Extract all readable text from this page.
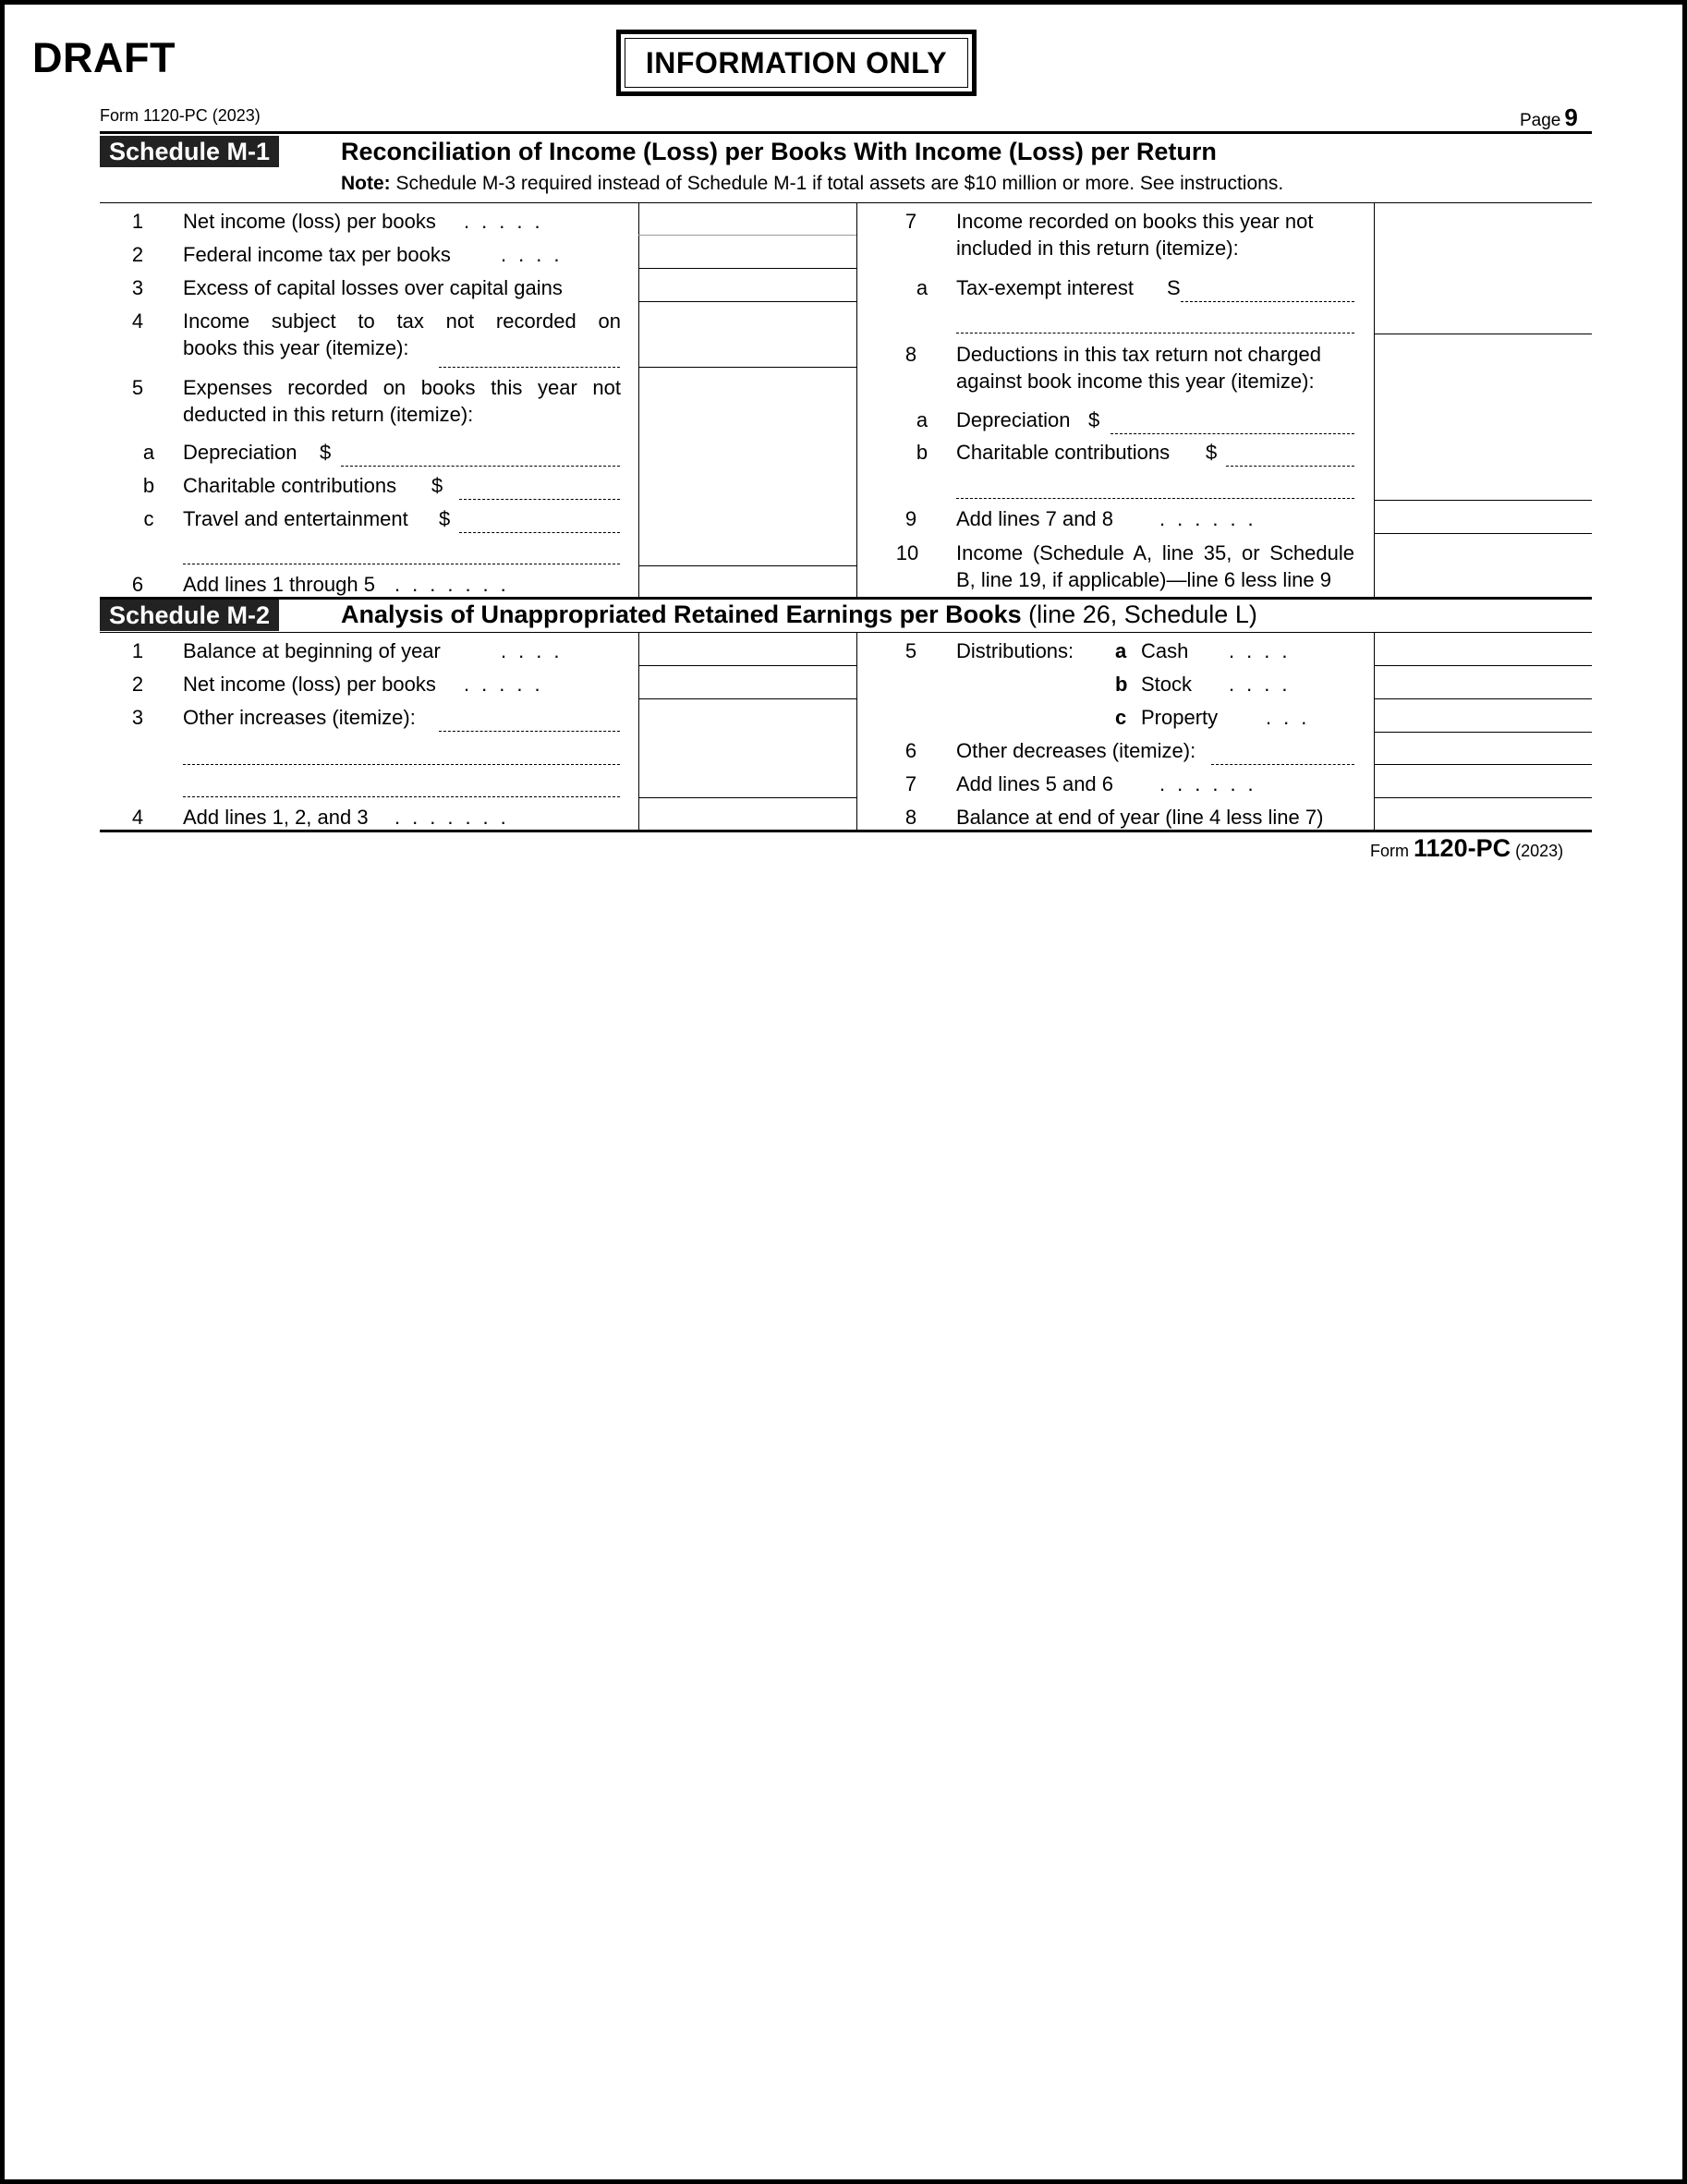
DRAFT	INFORMATION ONLY
Form 1120-PC (2023)	Page 9
Schedule M-1	Reconciliation of Income (Loss) per Books With Income (Loss) per Return
Note: Schedule M-3 required instead of Schedule M-1 if total assets are $10 million or more. See instructions.
1	Net income (loss) per books .....
2	Federal income tax per books ....
3	Excess of capital losses over capital gains
4	Income subject to tax not recorded on
books this year (itemize):
5	Expenses recorded on books this year not
deducted in this return (itemize):
a	Depreciation $
b	Charitable contributions $
c	Travel and entertainment $
6	Add lines 1 through 5 .......
7	Income recorded on books this year not
included in this return (itemize):
a	Tax-exempt interest S
8	Deductions in this tax return not charged
against book income this year (itemize):
a	Depreciation $
b	Charitable contributions $
9	Add lines 7 and 8 ......
10 Income (Schedule A, line 35, or Schedule
B, line 19, if applicable)—line 6 less line 9
Schedule M-2	Analysis of Unappropriated Retained Earnings per Books (line 26, Schedule L)
1	Balance at beginning of year	....
2	Net income (loss) per books .....
3	Other increases (itemize):
4	Add lines 1, 2, and 3 .......
5	Distributions: a Cash ....
b Stock ....
c Property ...
6	Other decreases (itemize):
7	Add lines 5 and 6 ......
8	Balance at end of year (line 4 less line 7)
Form 1120-PC (2023)
